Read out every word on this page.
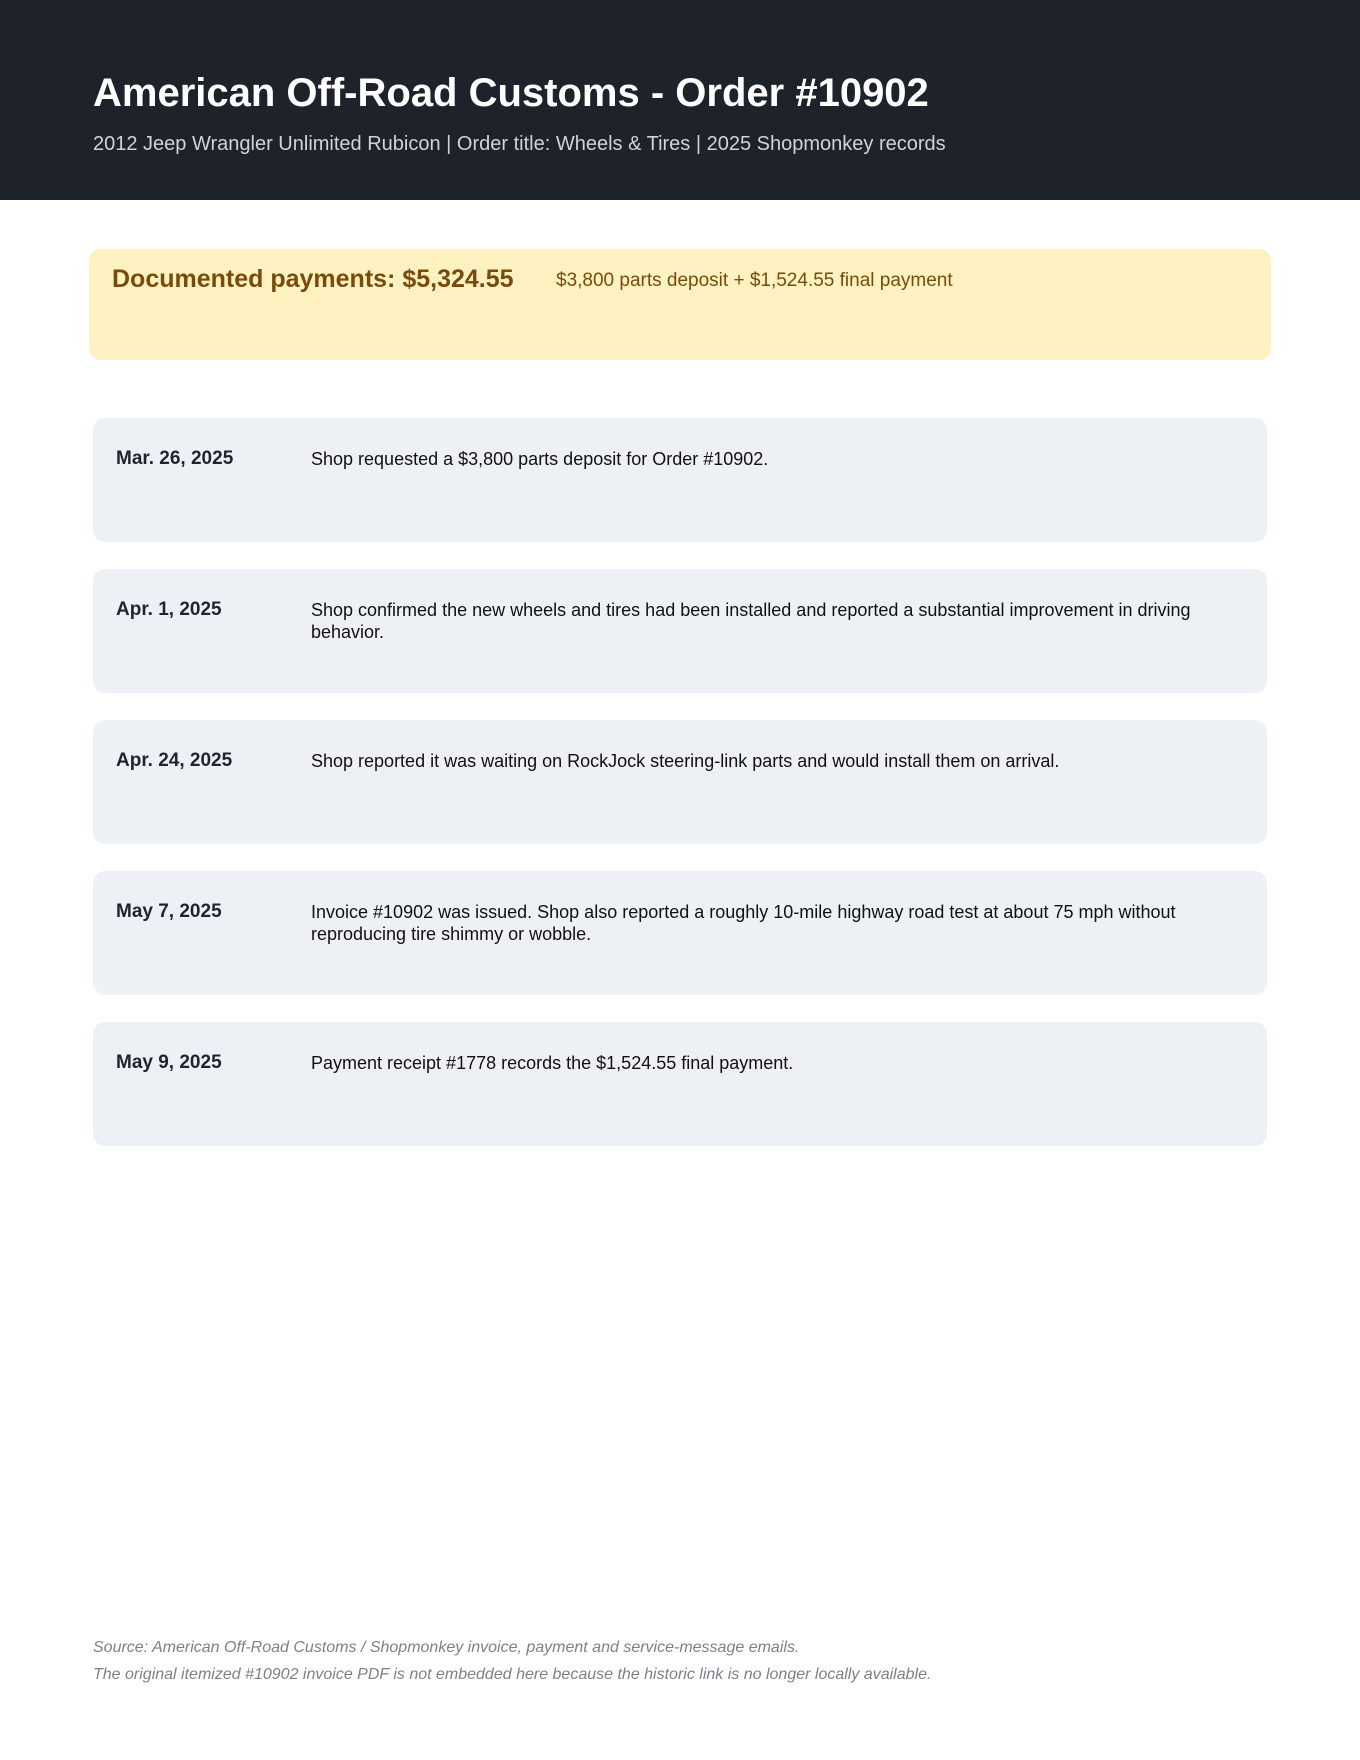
American Off-Road Customs - Order #10902

2012 Jeep Wrangler Unlimited Rubicon | Order title: Wheels & Tires | 2025 Shopmonkey records

Documented payments: $5,324.55 $3,800 parts deposit + $1,524.55 final payment
Mar. 26, 2025	Shop requested a $3,800 parts deposit for Order #10902.
Apr. 1, 2025	Shop confirmed the new wheels and tires had been installed and reported a substantial improvement in driving behavior.
Apr. 24, 2025	Shop reported it was waiting on RockJock steering-link parts and would install them on arrival.
May 7, 2025	Invoice #10902 was issued. Shop also reported a roughly 10-mile highway road test at about 75 mph without reproducing tire shimmy or wobble.
May 9, 2025	Payment receipt #1778 records the $1,524.55 final payment.

Source: American Off-Road Customs / Shopmonkey invoice, payment and service-message emails.

The original itemized #10902 invoice PDF is not embedded here because the historic link is no longer locally available.
